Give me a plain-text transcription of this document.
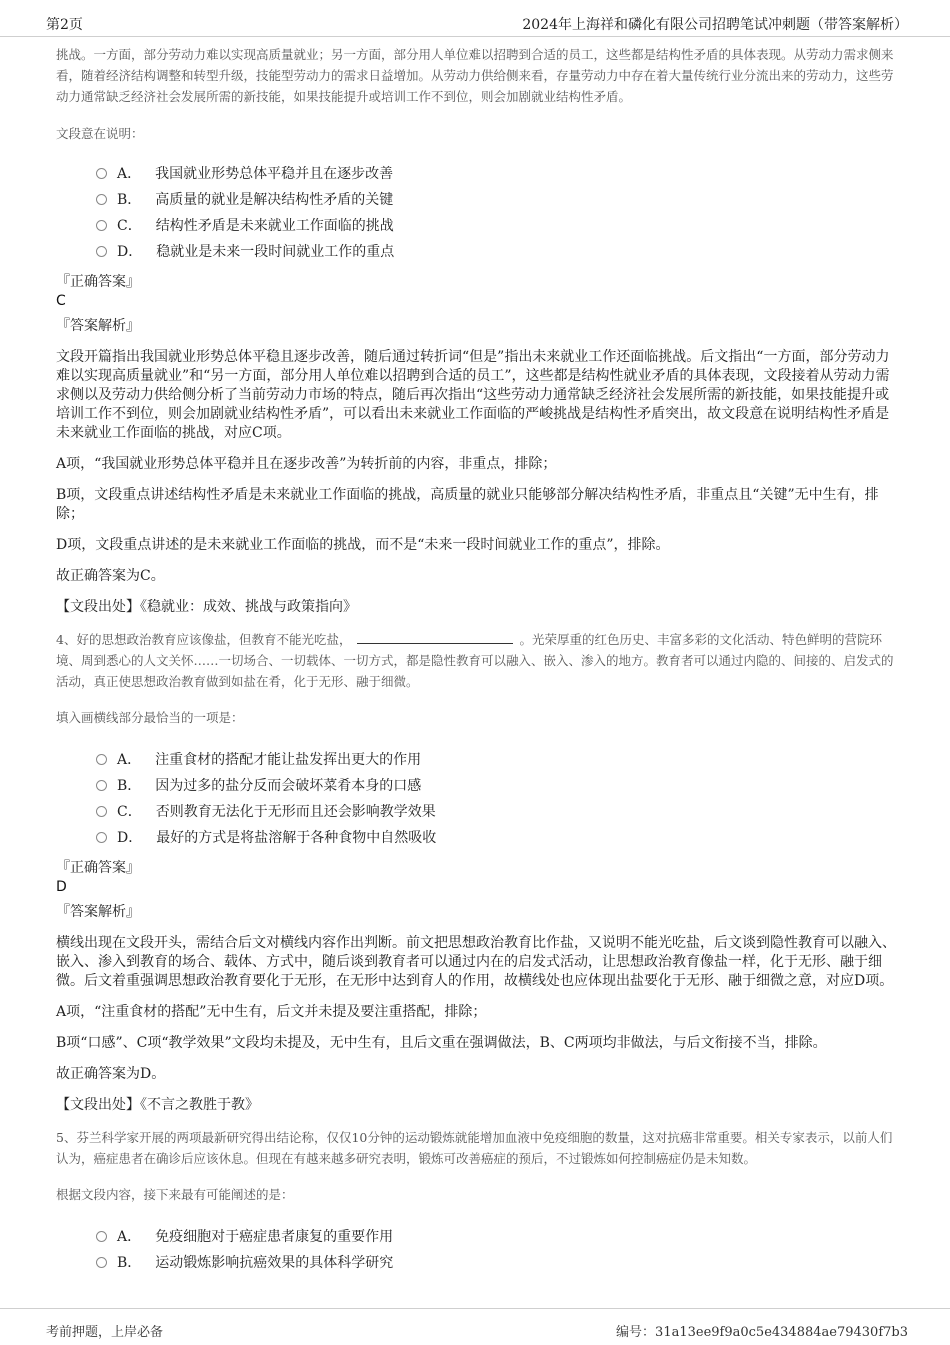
第2页	2024年上海祥和磷化有限公司招聘笔试冲刺题（带答案解析）

挑战。一方面，部分劳动力难以实现高质量就业；另一方面，部分用人单位难以招聘到合适的员工，这些都是结构性矛盾的具体表现。从劳动力需求侧来看，随着经济结构调整和转型升级，技能型劳动力的需求日益增加。从劳动力供给侧来看，存量劳动力中存在着大量传统行业分流出来的劳动力，这些劳动力通常缺乏经济社会发展所需的新技能，如果技能提升或培训工作不到位，则会加剧就业结构性矛盾。

文段意在说明：
A． 我国就业形势总体平稳并且在逐步改善
B． 高质量的就业是解决结构性矛盾的关键
C． 结构性矛盾是未来就业工作面临的挑战
D． 稳就业是未来一段时间就业工作的重点
『正确答案』
C
『答案解析』

文段开篇指出我国就业形势总体平稳且逐步改善，随后通过转折词“但是”指出未来就业工作还面临挑战。后文指出“一方面，部分劳动力难以实现高质量就业”和“另一方面，部分用人单位难以招聘到合适的员工”，这些都是结构性就业矛盾的具体表现，文段接着从劳动力需求侧以及劳动力供给侧分析了当前劳动力市场的特点，随后再次指出“这些劳动力通常缺乏经济社会发展所需的新技能，如果技能提升或培训工作不到位，则会加剧就业结构性矛盾”，可以看出未来就业工作面临的严峻挑战是结构性矛盾突出，故文段意在说明结构性矛盾是未来就业工作面临的挑战，对应C项。

A项，“我国就业形势总体平稳并且在逐步改善”为转折前的内容，非重点，排除；

B项，文段重点讲述结构性矛盾是未来就业工作面临的挑战，高质量的就业只能够部分解决结构性矛盾，非重点且“关键”无中生有，排除；

D项，文段重点讲述的是未来就业工作面临的挑战，而不是“未来一段时间就业工作的重点”，排除。

故正确答案为C。

【文段出处】《稳就业：成效、挑战与政策指向》

4、好的思想政治教育应该像盐，但教育不能光吃盐，	。光荣厚重的红色历史、丰富多彩的文化活动、特色鲜明的营院环境、周到悉心的人文关怀……一切场合、一切载体、一切方式，都是隐性教育可以融入、嵌入、渗入的地方。教育者可以通过内隐的、间接的、启发式的活动，真正使思想政治教育做到如盐在肴，化于无形、融于细微。

填入画横线部分最恰当的一项是：
A． 注重食材的搭配才能让盐发挥出更大的作用
B． 因为过多的盐分反而会破坏菜肴本身的口感
C． 否则教育无法化于无形而且还会影响教学效果
D． 最好的方式是将盐溶解于各种食物中自然吸收
『正确答案』
D
『答案解析』

横线出现在文段开头，需结合后文对横线内容作出判断。前文把思想政治教育比作盐，又说明不能光吃盐，后文谈到隐性教育可以融入、嵌入、渗入到教育的场合、载体、方式中，随后谈到教育者可以通过内在的启发式活动，让思想政治教育像盐一样，化于无形、融于细微。后文着重强调思想政治教育要化于无形，在无形中达到育人的作用，故横线处也应体现出盐要化于无形、融于细微之意，对应D项。

A项，“注重食材的搭配”无中生有，后文并未提及要注重搭配，排除；

B项“口感”、C项“教学效果”文段均未提及，无中生有，且后文重在强调做法，B、C两项均非做法，与后文衔接不当，排除。

故正确答案为D。

【文段出处】《不言之教胜于教》

5、芬兰科学家开展的两项最新研究得出结论称，仅仅10分钟的运动锻炼就能增加血液中免疫细胞的数量，这对抗癌非常重要。相关专家表示，以前人们认为，癌症患者在确诊后应该休息。但现在有越来越多研究表明，锻炼可改善癌症的预后，不过锻炼如何控制癌症仍是未知数。

根据文段内容，接下来最有可能阐述的是：
A． 免疫细胞对于癌症患者康复的重要作用
B． 运动锻炼影响抗癌效果的具体科学研究
考前押题，上岸必备	编号：31a13ee9f9a0c5e434884ae79430f7b3
